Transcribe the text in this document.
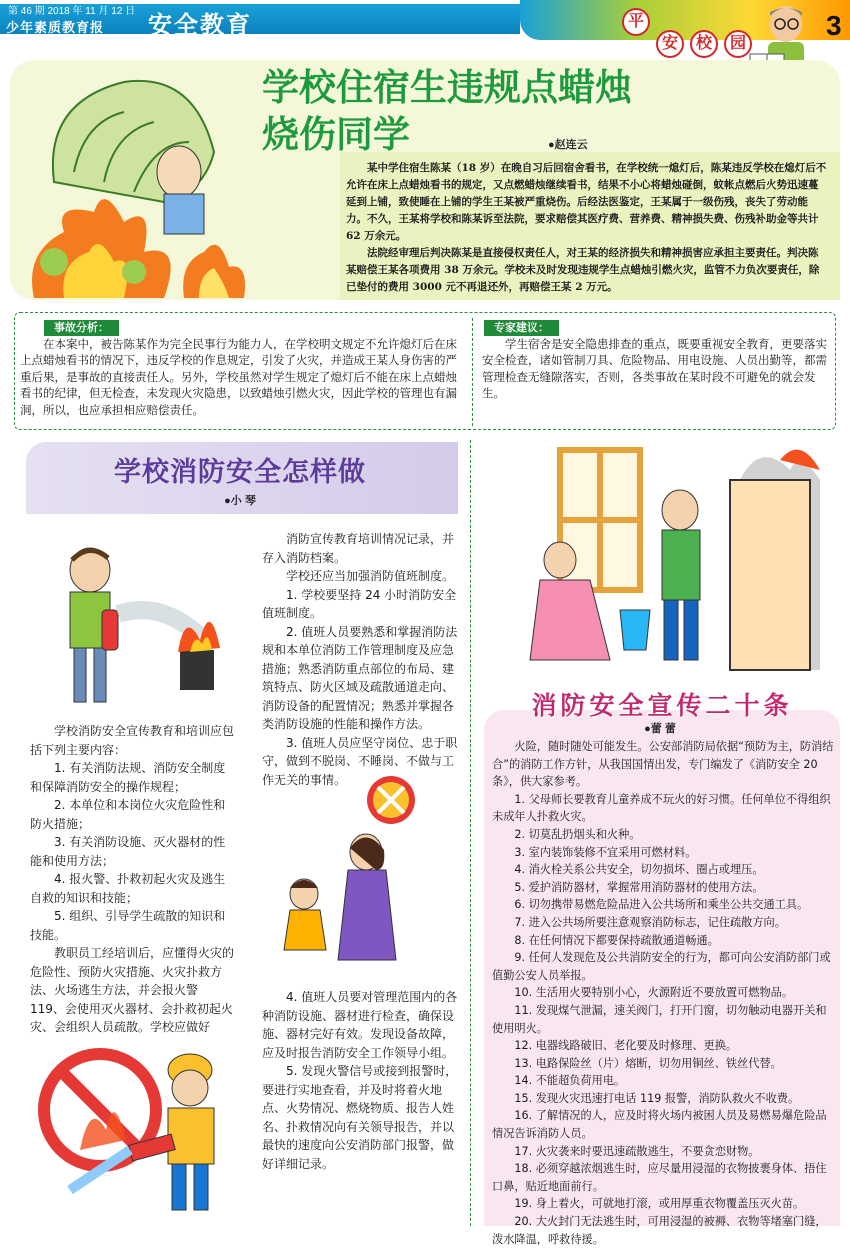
第 46 期 2018 年 11 月 12 日
少年素质教育报	安全教育	平
安	校	园
3
学校住宿生违规点蜡烛
烧伤同学	●赵连云

某中学住宿生陈某（18 岁）在晚自习后回宿舍看书，在学校统一熄灯后，陈某违反学校在熄灯后不允许在床上点蜡烛看书的规定，又点燃蜡烛继续看书，结果不小心将蜡烛碰倒，蚊帐点燃后火势迅速蔓延到上铺，致使睡在上铺的学生王某被严重烧伤。后经法医鉴定，王某属于一级伤残，丧失了劳动能力。不久，王某将学校和陈某诉至法院，要求赔偿其医疗费、营养费、精神损失费、伤残补助金等共计 62 万余元。

法院经审理后判决陈某是直接侵权责任人，对王某的经济损失和精神损害应承担主要责任。判决陈某赔偿王某各项费用 38 万余元。学校未及时发现违规学生点蜡烛引燃火灾，监管不力负次要责任，除已垫付的费用 3000 元不再退还外，再赔偿王某 2 万元。

事故分析：

在本案中，被告陈某作为完全民事行为能力人，在学校明文规定不允许熄灯后在床上点蜡烛看书的情况下，违反学校的作息规定，引发了火灾，并造成王某人身伤害的严重后果，是事故的直接责任人。另外，学校虽然对学生规定了熄灯后不能在床上点蜡烛看书的纪律，但无检查，未发现火灾隐患，以致蜡烛引燃火灾，因此学校的管理也有漏洞，所以，也应承担相应赔偿责任。

专家建议：

学生宿舍是安全隐患排查的重点，既要重视安全教育，更要落实安全检查，诸如管制刀具、危险物品、用电设施、人员出勤等，都需管理检查无缝隙落实，否则，各类事故在某时段不可避免的就会发生。

学校消防安全怎样做
●小 琴

学校消防安全宣传教育和培训应包括下列主要内容：

1. 有关消防法规、消防安全制度和保障消防安全的操作规程；

2. 本单位和本岗位火灾危险性和防火措施；

3. 有关消防设施、灭火器材的性能和使用方法；

4. 报火警、扑救初起火灾及逃生自救的知识和技能；

5. 组织、引导学生疏散的知识和技能。

教职员工经培训后，应懂得火灾的危险性、预防火灾措施、火灾扑救方法、火场逃生方法，并会报火警 119、会使用灭火器材、会扑救初起火灾、会组织人员疏散。学校应做好

消防宣传教育培训情况记录，并存入消防档案。

学校还应当加强消防值班制度。

1. 学校要坚持 24 小时消防安全值班制度。

2. 值班人员要熟悉和掌握消防法规和本单位消防工作管理制度及应急措施；熟悉消防重点部位的布局、建筑特点、防火区域及疏散通道走向、消防设备的配置情况；熟悉并掌握各类消防设施的性能和操作方法。

3. 值班人员应坚守岗位、忠于职守，做到不脱岗、不睡岗、不做与工作无关的事情。

4. 值班人员要对管理范围内的各种消防设施、器材进行检查，确保设施、器材完好有效。发现设备故障，应及时报告消防安全工作领导小组。

5. 发现火警信号或接到报警时，要进行实地查看，并及时将着火地点、火势情况、燃烧物质、报告人姓名、扑救情况向有关领导报告，并以最快的速度向公安消防部门报警，做好详细记录。

消防安全宣传二十条
●蕾 蕾

火险，随时随处可能发生。公安部消防局依据“预防为主，防消结合”的消防工作方针，从我国国情出发，专门编发了《消防安全 20 条》，供大家参考。

1. 父母师长要教育儿童养成不玩火的好习惯。任何单位不得组织未成年人扑救火灾。

2. 切莫乱扔烟头和火种。

3. 室内装饰装修不宜采用可燃材料。

4. 消火栓关系公共安全，切勿损坏、圈占或埋压。

5. 爱护消防器材，掌握常用消防器材的使用方法。

6. 切勿携带易燃危险品进入公共场所和乘坐公共交通工具。

7. 进入公共场所要注意观察消防标志，记住疏散方向。

8. 在任何情况下都要保持疏散通道畅通。

9. 任何人发现危及公共消防安全的行为，都可向公安消防部门或值勤公安人员举报。

10. 生活用火要特别小心，火源附近不要放置可燃物品。

11. 发现煤气泄漏，速关阀门，打开门窗，切勿触动电器开关和使用明火。

12. 电器线路破旧、老化要及时修理、更换。

13. 电路保险丝（片）熔断，切勿用铜丝、铁丝代替。

14. 不能超负荷用电。

15. 发现火灾迅速打电话 119 报警，消防队救火不收费。

16. 了解情况的人，应及时将火场内被困人员及易燃易爆危险品情况告诉消防人员。

17. 火灾袭来时要迅速疏散逃生，不要贪恋财物。

18. 必须穿越浓烟逃生时，应尽量用浸湿的衣物披裹身体、捂住口鼻，贴近地面前行。

19. 身上着火，可就地打滚，或用厚重衣物覆盖压灭火苗。

20. 大火封门无法逃生时，可用浸湿的被褥、衣物等堵塞门缝，泼水降温，呼救待援。
